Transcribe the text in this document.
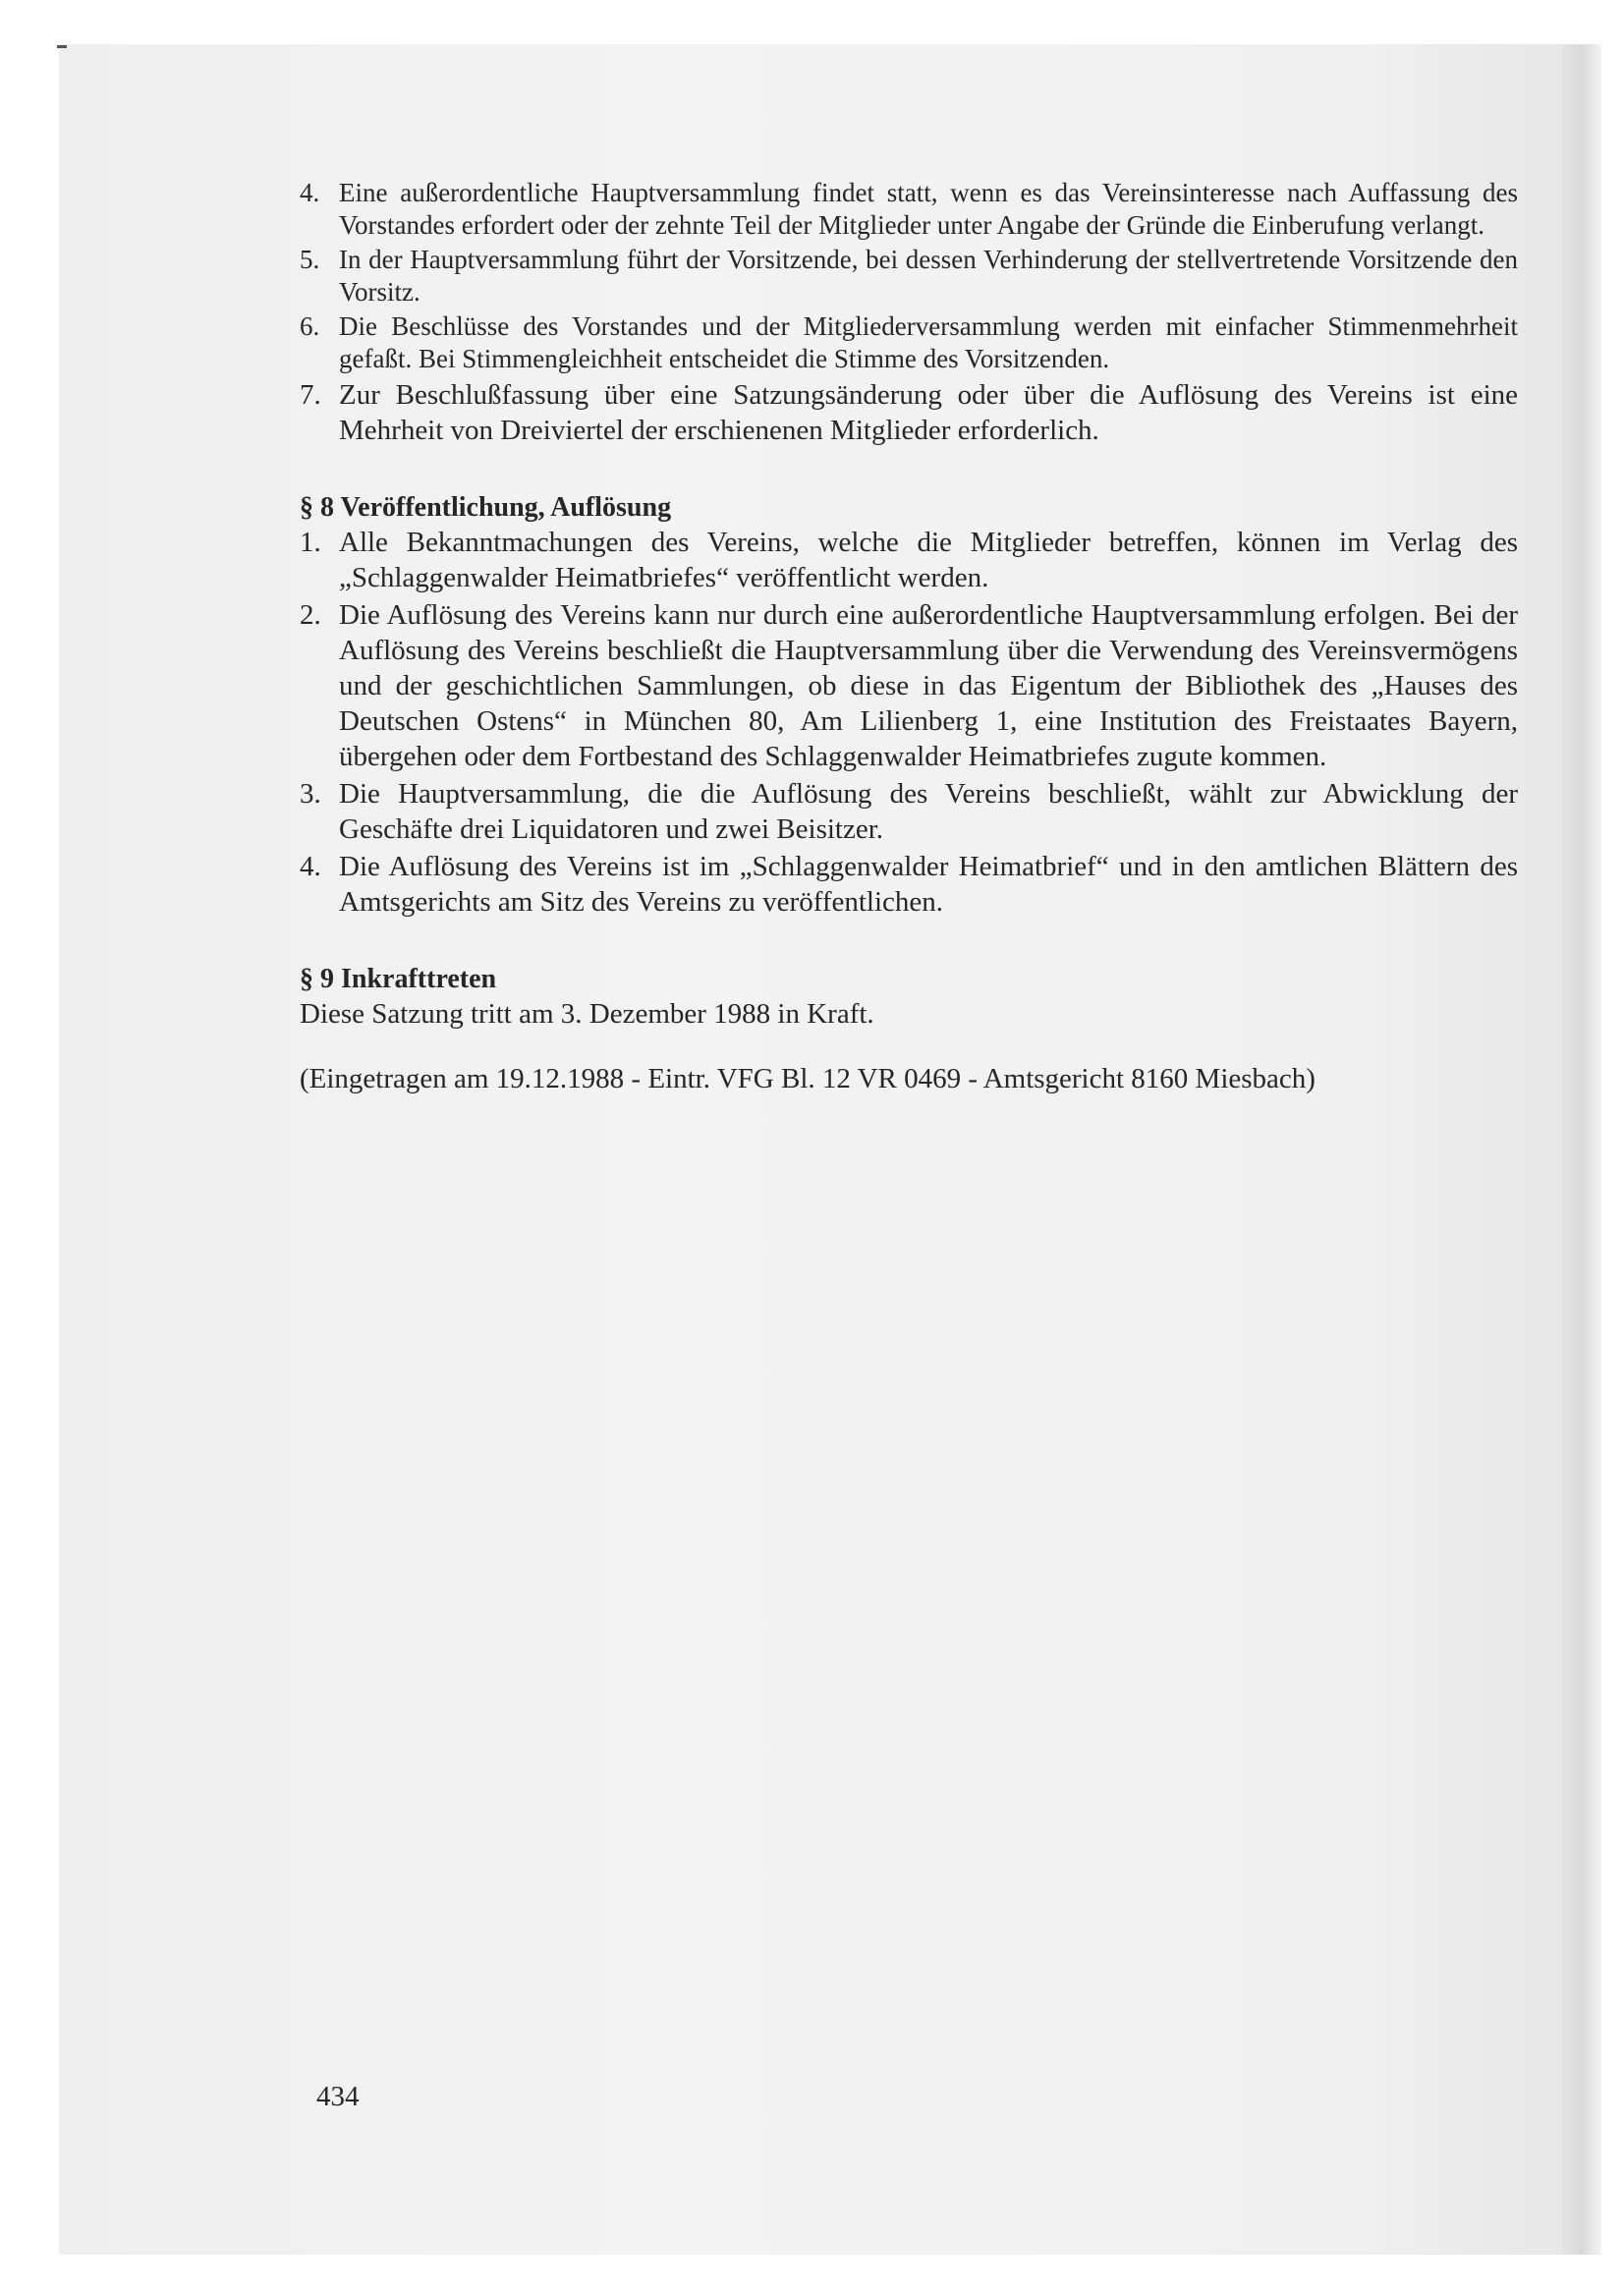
4. Eine außerordentliche Hauptversammlung findet statt, wenn es das Vereinsinteresse nach Auffassung des Vorstandes erfordert oder der zehnte Teil der Mitglieder unter Angabe der Gründe die Einberufung verlangt.
5. In der Hauptversammlung führt der Vorsitzende, bei dessen Verhinderung der stellvertretende Vorsitzende den Vorsitz.
6. Die Beschlüsse des Vorstandes und der Mitgliederversammlung werden mit einfacher Stimmenmehrheit gefaßt. Bei Stimmengleichheit entscheidet die Stimme des Vorsitzenden.
7. Zur Beschlußfassung über eine Satzungsänderung oder über die Auflösung des Vereins ist eine Mehrheit von Dreiviertel der erschienenen Mitglieder erforderlich.
§ 8 Veröffentlichung, Auflösung
1. Alle Bekanntmachungen des Vereins, welche die Mitglieder betreffen, können im Verlag des „Schlaggenwalder Heimatbriefes“ veröffentlicht werden.
2. Die Auflösung des Vereins kann nur durch eine außerordentliche Hauptversammlung erfolgen. Bei der Auflösung des Vereins beschließt die Hauptversammlung über die Verwendung des Vereinsvermögens und der geschichtlichen Sammlungen, ob diese in das Eigentum der Bibliothek des „Hauses des Deutschen Ostens“ in München 80, Am Lilienberg 1, eine Institution des Freistaates Bayern, übergehen oder dem Fortbestand des Schlaggenwalder Heimatbriefes zugute kommen.
3. Die Hauptversammlung, die die Auflösung des Vereins beschließt, wählt zur Abwicklung der Geschäfte drei Liquidatoren und zwei Beisitzer.
4. Die Auflösung des Vereins ist im „Schlaggenwalder Heimatbrief“ und in den amtlichen Blättern des Amtsgerichts am Sitz des Vereins zu veröffentlichen.
§ 9 Inkrafttreten
Diese Satzung tritt am 3. Dezember 1988 in Kraft.
(Eingetragen am 19.12.1988 - Eintr. VFG Bl. 12 VR 0469 - Amtsgericht 8160 Miesbach)
434
